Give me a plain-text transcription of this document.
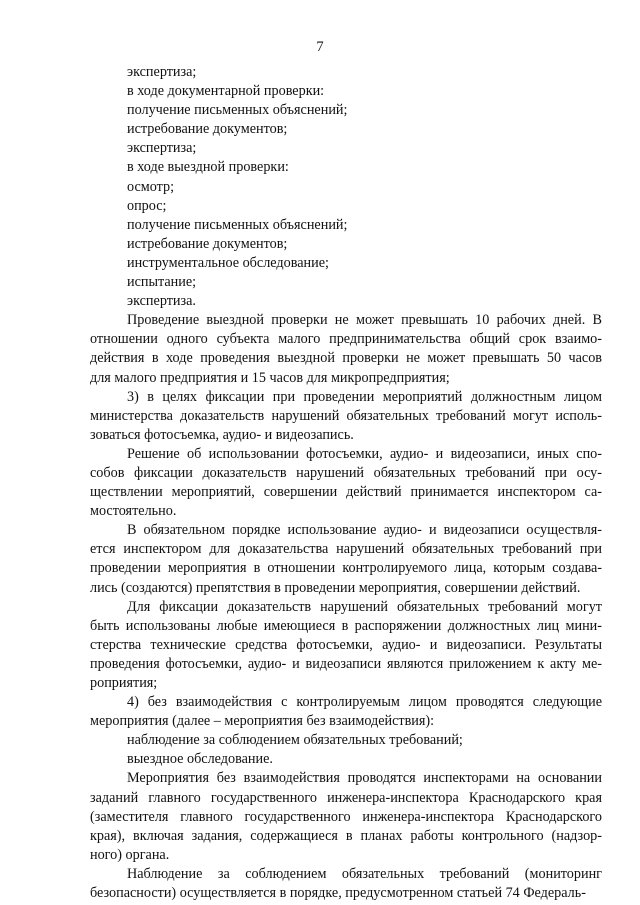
7
экспертиза;
в ходе документарной проверки:
получение письменных объяснений;
истребование документов;
экспертиза;
в ходе выездной проверки:
осмотр;
опрос;
получение письменных объяснений;
истребование документов;
инструментальное обследование;
испытание;
экспертиза.
Проведение выездной проверки не может превышать 10 рабочих дней. В
отношении одного субъекта малого предпринимательства общий срок взаимо-
действия в ходе проведения выездной проверки не может превышать 50 часов
для малого предприятия и 15 часов для микропредприятия;
3) в целях фиксации при проведении мероприятий должностным лицом
министерства доказательств нарушений обязательных требований могут исполь-
зоваться фотосъемка, аудио- и видеозапись.
Решение об использовании фотосъемки, аудио- и видеозаписи, иных спо-
собов фиксации доказательств нарушений обязательных требований при осу-
ществлении мероприятий, совершении действий принимается инспектором са-
мостоятельно.
В обязательном порядке использование аудио- и видеозаписи осуществля-
ется инспектором для доказательства нарушений обязательных требований при
проведении мероприятия в отношении контролируемого лица, которым создава-
лись (создаются) препятствия в проведении мероприятия, совершении действий.
Для фиксации доказательств нарушений обязательных требований могут
быть использованы любые имеющиеся в распоряжении должностных лиц мини-
стерства технические средства фотосъемки, аудио- и видеозаписи. Результаты
проведения фотосъемки, аудио- и видеозаписи являются приложением к акту ме-
роприятия;
4) без взаимодействия с контролируемым лицом проводятся следующие
мероприятия (далее – мероприятия без взаимодействия):
наблюдение за соблюдением обязательных требований;
выездное обследование.
Мероприятия без взаимодействия проводятся инспекторами на основании
заданий главного государственного инженера-инспектора Краснодарского края
(заместителя главного государственного инженера-инспектора Краснодарского
края), включая задания, содержащиеся в планах работы контрольного (надзор-
ного) органа.
Наблюдение за соблюдением обязательных требований (мониторинг
безопасности) осуществляется в порядке, предусмотренном статьей 74 Федераль-
